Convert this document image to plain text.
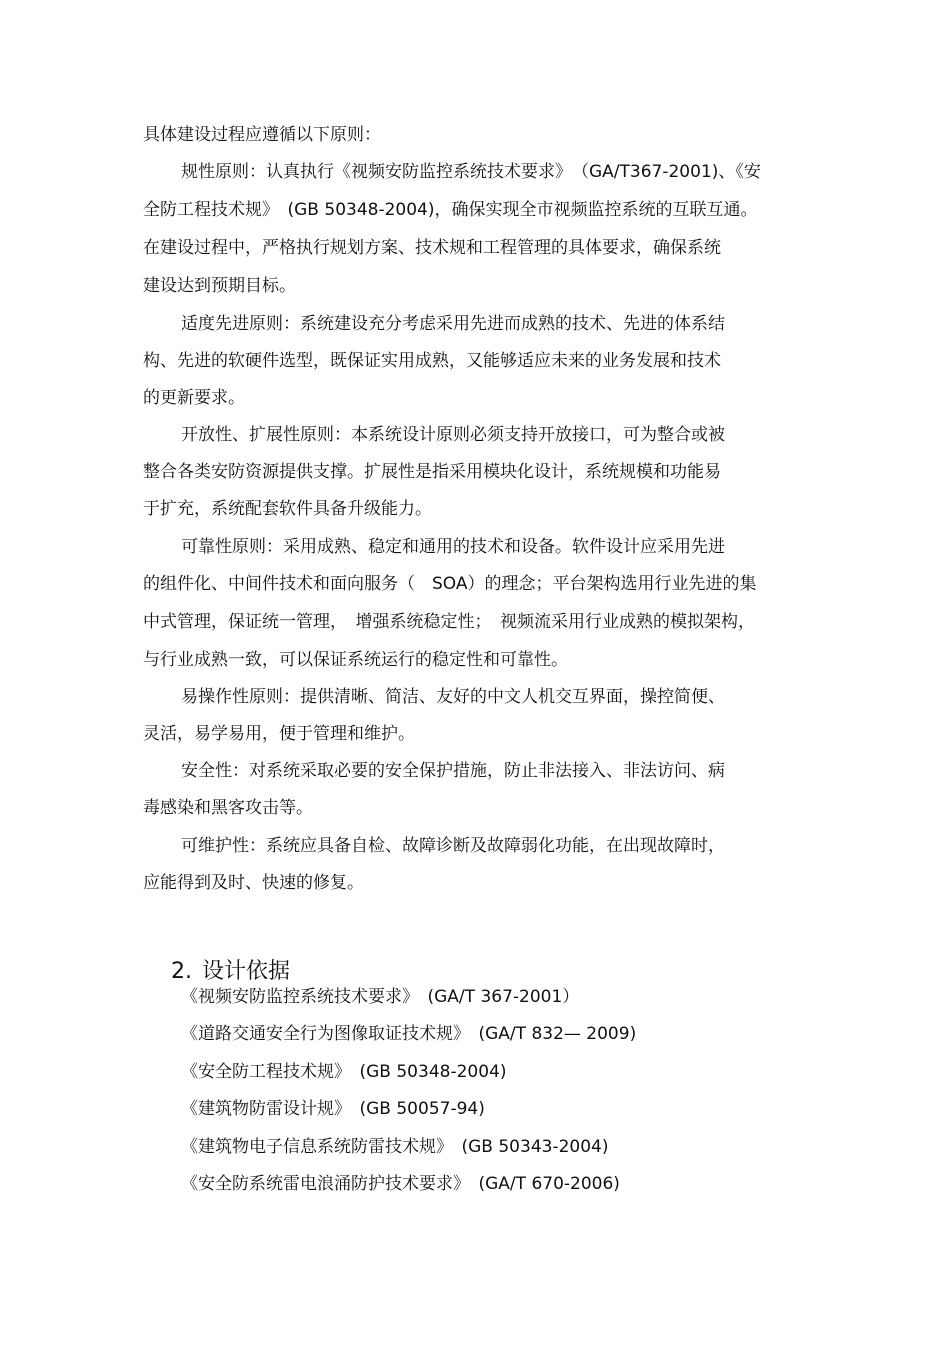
具体建设过程应遵循以下原则：
规性原则：认真执行《视频安防监控系统技术要求》　（GA/T367-2001)、《安
全防工程技术规》　(GB 50348-2004)，确保实现全市视频监控系统的互联互通。
在建设过程中，严格执行规划方案、技术规和工程管理的具体要求，确保系统
建设达到预期目标。
适度先进原则：系统建设充分考虑采用先进而成熟的技术、先进的体系结
构、先进的软硬件选型，既保证实用成熟，又能够适应未来的业务发展和技术
的更新要求。
开放性、扩展性原则：本系统设计原则必须支持开放接口，可为整合或被
整合各类安防资源提供支撑。扩展性是指采用模块化设计，系统规模和功能易
于扩充，系统配套软件具备升级能力。
可靠性原则：采用成熟、稳定和通用的技术和设备。软件设计应采用先进
的组件化、中间件技术和面向服务（　SOA）的理念；平台架构选用行业先进的集
中式管理，保证统一管理，　增强系统稳定性；　视频流采用行业成熟的模拟架构，
与行业成熟一致，可以保证系统运行的稳定性和可靠性。
易操作性原则：提供清晰、简洁、友好的中文人机交互界面，操控简便、
灵活，易学易用，便于管理和维护。
安全性：对系统采取必要的安全保护措施，防止非法接入、非法访问、病
毒感染和黑客攻击等。
可维护性：系统应具备自检、故障诊断及故障弱化功能，在出现故障时，
应能得到及时、快速的修复。

2. 设计依据

《视频安防监控系统技术要求》　(GA/T 367-2001）
《道路交通安全行为图像取证技术规》　(GA/T 832— 2009)
《安全防工程技术规》　(GB 50348-2004)
《建筑物防雷设计规》　(GB 50057-94)
《建筑物电子信息系统防雷技术规》　(GB 50343-2004)
《安全防系统雷电浪涌防护技术要求》　(GA/T 670-2006)
